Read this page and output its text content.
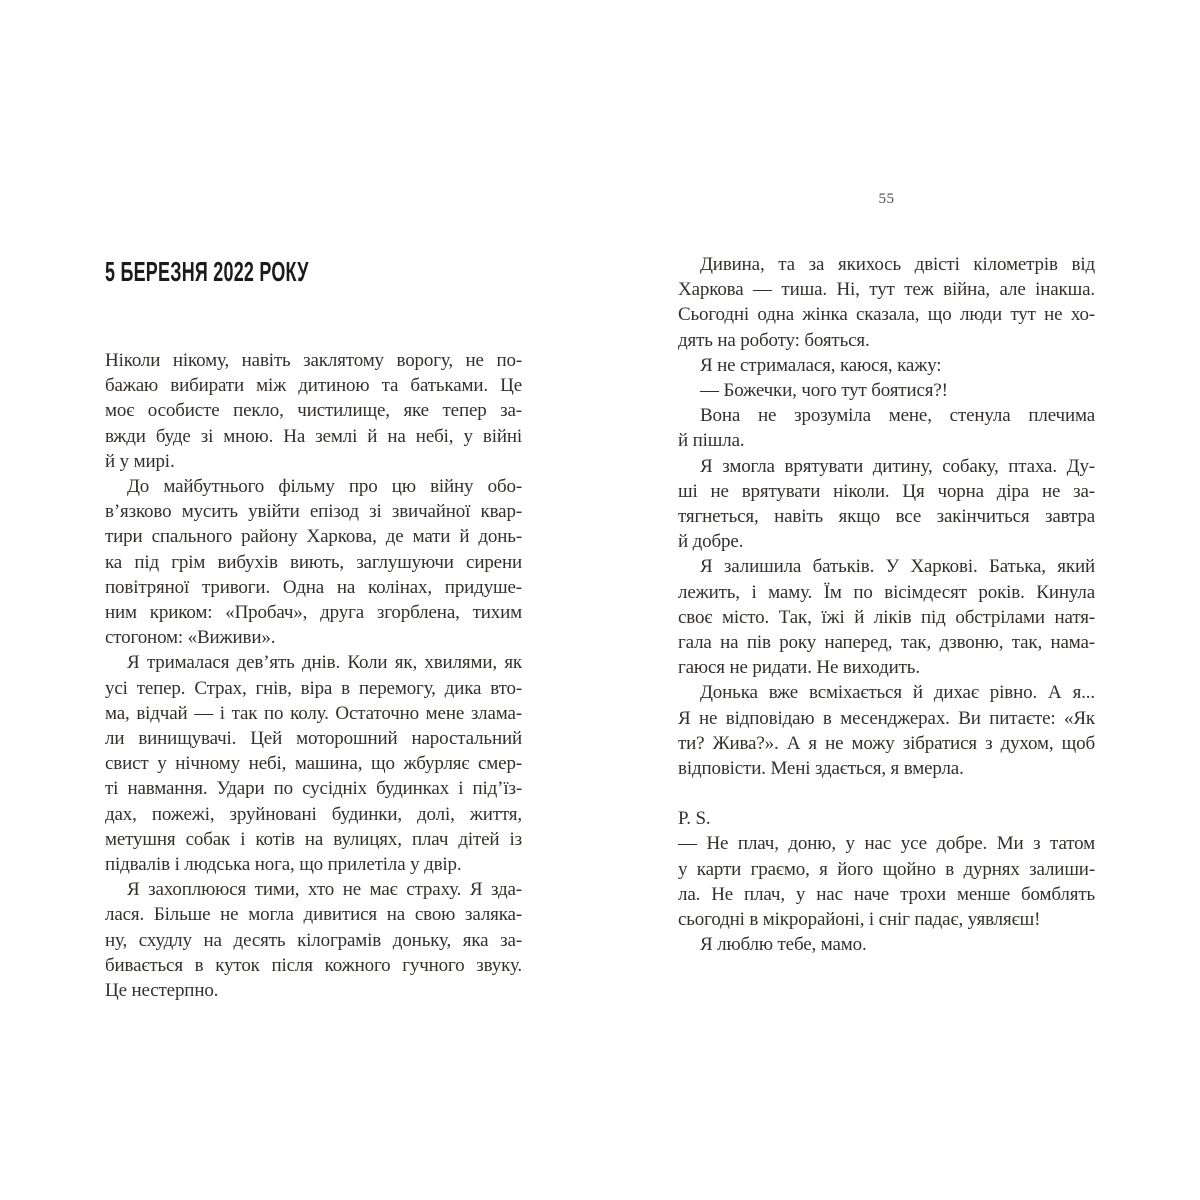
5 БЕРЕЗНЯ 2022 РОКУ
Ніколи нікому, навіть заклятому ворогу, не по-
бажаю вибирати між дитиною та батьками. Це
моє особисте пекло, чистилище, яке тепер за-
вжди буде зі мною. На землі й на небі, у війні
й у мирі.
До майбутнього фільму про цю війну обо-
в’язково мусить увійти епізод зі звичайної квар-
тири спального району Харкова, де мати й донь-
ка під грім вибухів виють, заглушуючи сирени
повітряної тривоги. Одна на колінах, придуше-
ним криком: «Пробач», друга згорблена, тихим
стогоном: «Виживи».
Я трималася дев’ять днів. Коли як, хвилями, як
усі тепер. Страх, гнів, віра в перемогу, дика вто-
ма, відчай — і так по колу. Остаточно мене злама-
ли винищувачі. Цей моторошний наростальний
свист у нічному небі, машина, що жбурляє смер-
ті навмання. Удари по сусідніх будинках і під’їз-
дах, пожежі, зруйновані будинки, долі, життя,
метушня собак і котів на вулицях, плач дітей із
підвалів і людська нога, що прилетіла у двір.
Я захоплююся тими, хто не має страху. Я зда-
лася. Більше не могла дивитися на свою заляка-
ну, схудлу на десять кілограмів доньку, яка за-
бивається в куток після кожного гучного звуку.
Це нестерпно.
55
Дивина, та за якихось двісті кілометрів від
Харкова — тиша. Ні, тут теж війна, але інакша.
Сьогодні одна жінка сказала, що люди тут не хо-
дять на роботу: бояться.
Я не стрималася, каюся, кажу:
— Божечки, чого тут боятися?!
Вона не зрозуміла мене, стенула плечима
й пішла.
Я змогла врятувати дитину, собаку, птаха. Ду-
ші не врятувати ніколи. Ця чорна діра не за-
тягнеться, навіть якщо все закінчиться завтра
й добре.
Я залишила батьків. У Харкові. Батька, який
лежить, і маму. Їм по вісімдесят років. Кинула
своє місто. Так, їжі й ліків під обстрілами натя-
гала на пів року наперед, так, дзвоню, так, нама-
гаюся не ридати. Не виходить.
Донька вже всміхається й дихає рівно. А я...
Я не відповідаю в месенджерах. Ви питаєте: «Як
ти? Жива?». А я не можу зібратися з духом, щоб
відповісти. Мені здається, я вмерла.
P. S.
— Не плач, доню, у нас усе добре. Ми з татом
у карти граємо, я його щойно в дурнях залиши-
ла. Не плач, у нас наче трохи менше бомблять
сьогодні в мікрорайоні, і сніг падає, уявляєш!
Я люблю тебе, мамо.
